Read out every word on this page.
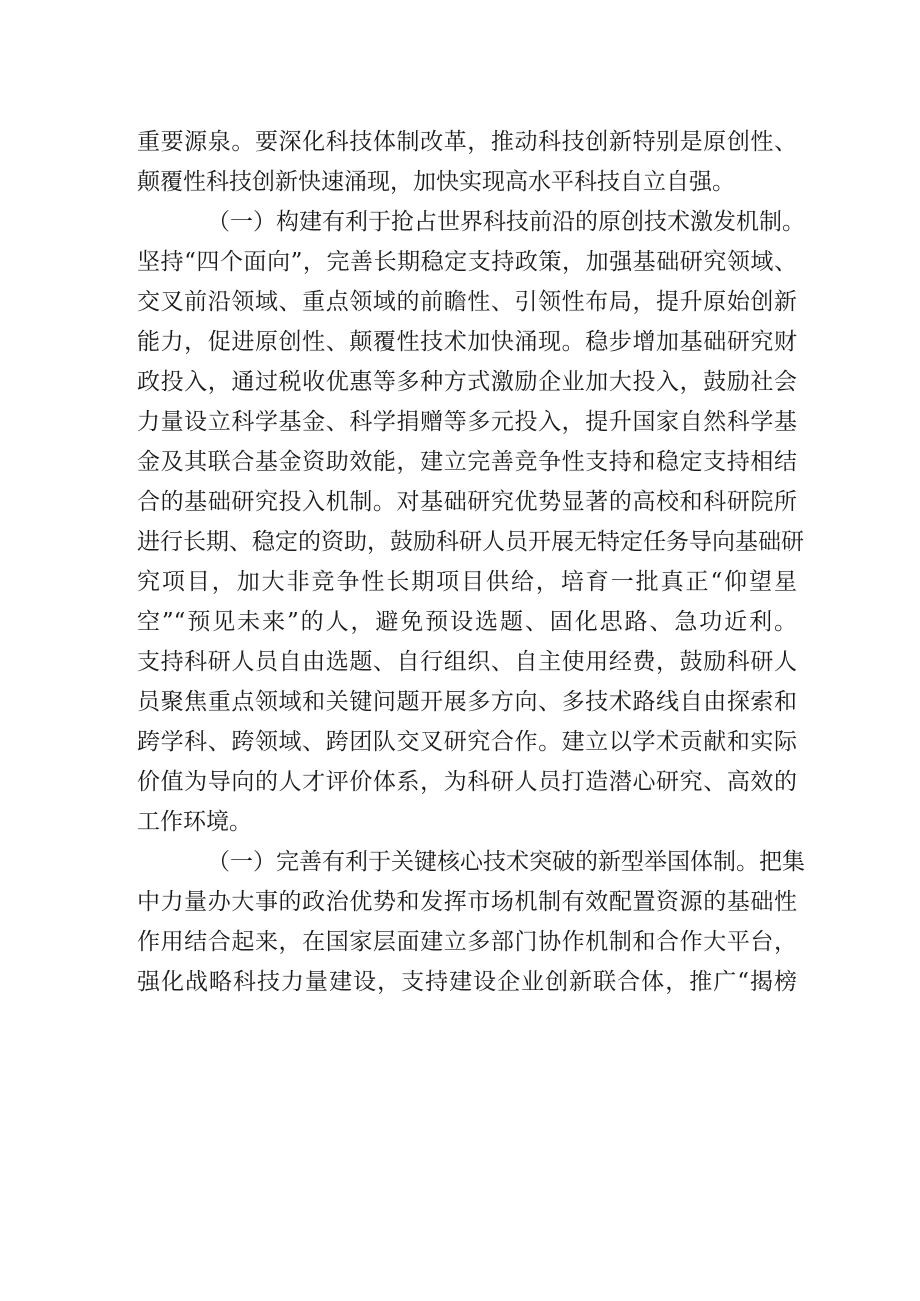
重要源泉。要深化科技体制改革，推动科技创新特别是原创性、
颠覆性科技创新快速涌现，加快实现高水平科技自立自强。
（一）构建有利于抢占世界科技前沿的原创技术激发机制。
坚持“四个面向”，完善长期稳定支持政策，加强基础研究领域、
交叉前沿领域、重点领域的前瞻性、引领性布局，提升原始创新
能力，促进原创性、颠覆性技术加快涌现。稳步增加基础研究财
政投入，通过税收优惠等多种方式激励企业加大投入，鼓励社会
力量设立科学基金、科学捐赠等多元投入，提升国家自然科学基
金及其联合基金资助效能，建立完善竞争性支持和稳定支持相结
合的基础研究投入机制。对基础研究优势显著的高校和科研院所
进行长期、稳定的资助，鼓励科研人员开展无特定任务导向基础研
究项目，加大非竞争性长期项目供给，培育一批真正“仰望星
空”“预见未来”的人，避免预设选题、固化思路、急功近利。
支持科研人员自由选题、自行组织、自主使用经费，鼓励科研人
员聚焦重点领域和关键问题开展多方向、多技术路线自由探索和
跨学科、跨领域、跨团队交叉研究合作。建立以学术贡献和实际
价值为导向的人才评价体系，为科研人员打造潜心研究、高效的
工作环境。
（一）完善有利于关键核心技术突破的新型举国体制。把集
中力量办大事的政治优势和发挥市场机制有效配置资源的基础性
作用结合起来，在国家层面建立多部门协作机制和合作大平台，
强化战略科技力量建设，支持建设企业创新联合体，推广“揭榜
